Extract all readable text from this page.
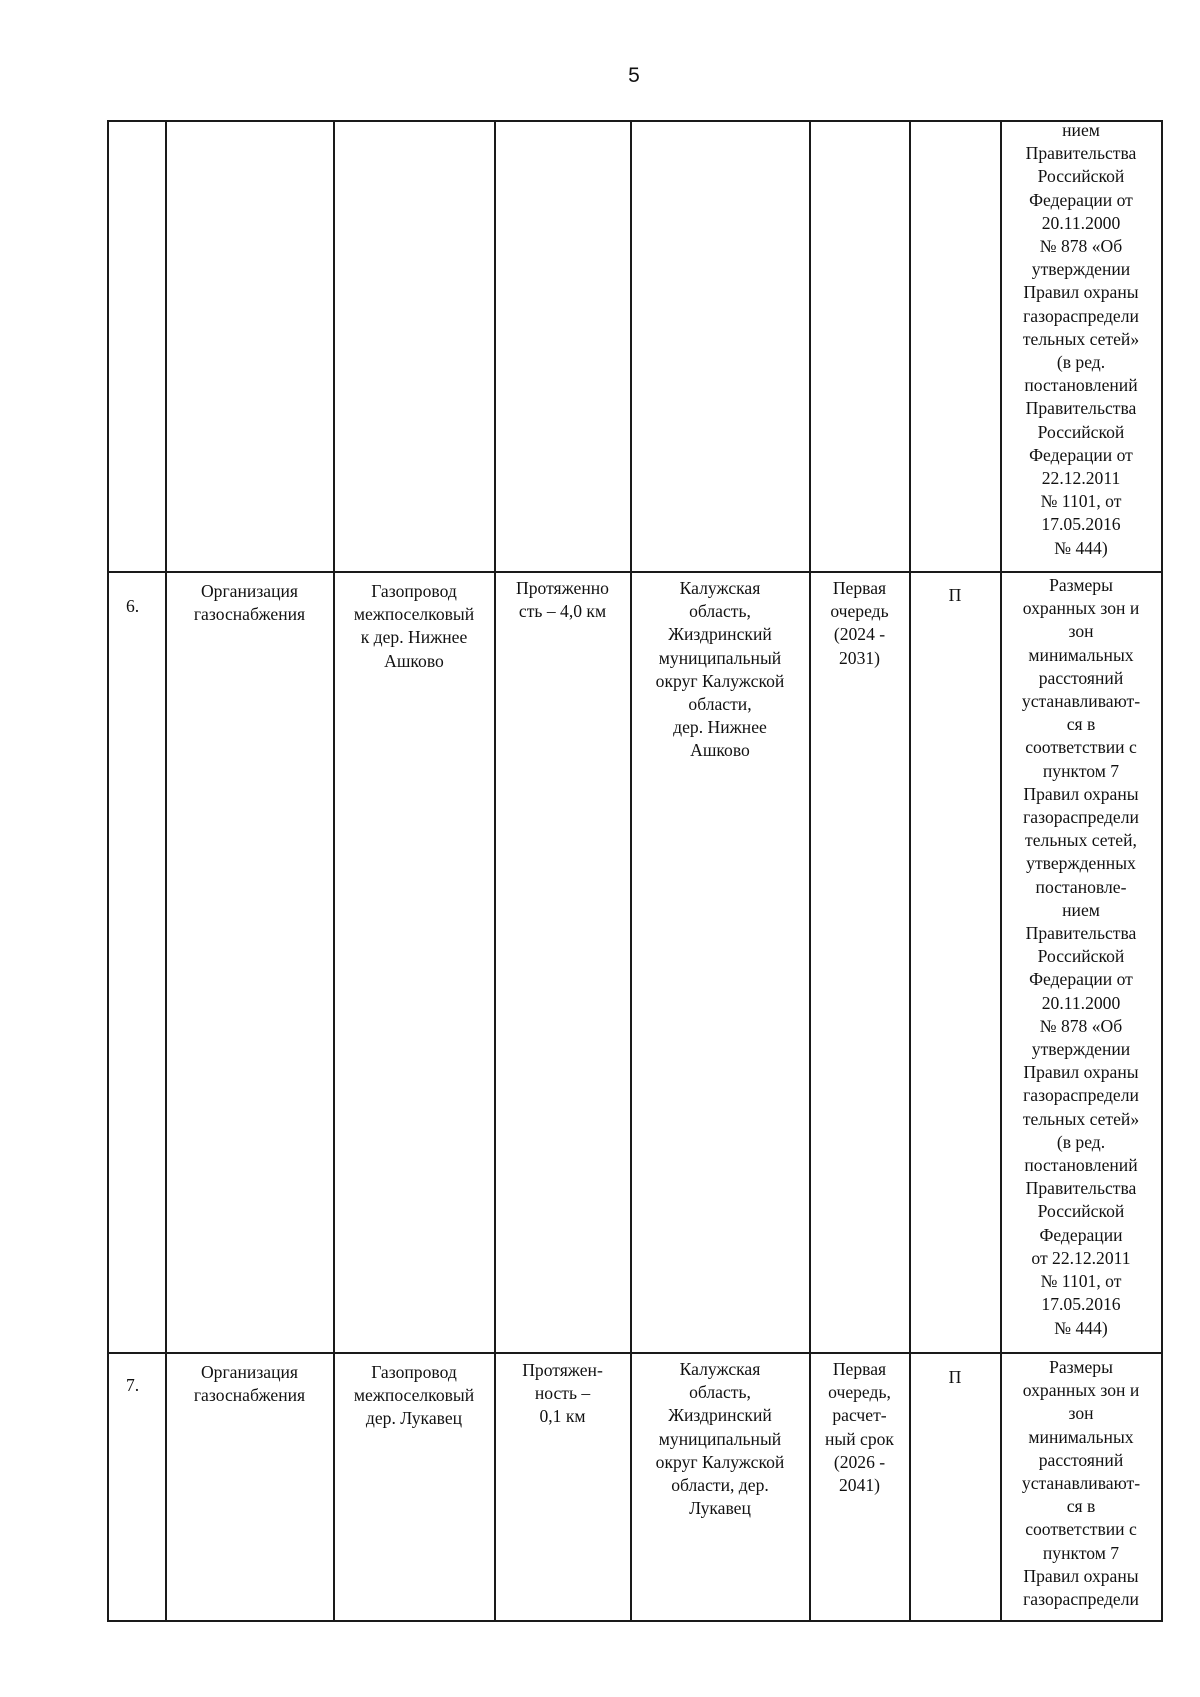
5
нием
Правительства
Российской
Федерации от
20.11.2000
№ 878 «Об
утверждении
Правил охраны
газораспредели
тельных сетей»
(в ред.
постановлений
Правительства
Российской
Федерации от
22.12.2011
№ 1101, от
17.05.2016
№ 444)
6.
Организация
газоснабжения
Газопровод
межпоселковый
к дер. Нижнее
Ашково
Протяженно
сть – 4,0 км
Калужская
область,
Жиздринский
муниципальный
округ Калужской
области,
дер. Нижнее
Ашково
Первая
очередь
(2024 -
2031)
П	Размеры
охранных зон и
зон
минимальных
расстояний
устанавливают-
ся в
соответствии с
пунктом 7
Правил охраны
газораспредели
тельных сетей,
утвержденных
постановле-
нием
Правительства
Российской
Федерации от
20.11.2000
№ 878 «Об
утверждении
Правил охраны
газораспредели
тельных сетей»
(в ред.
постановлений
Правительства
Российской
Федерации
от 22.12.2011
№ 1101, от
17.05.2016
№ 444)
7.
Организация
газоснабжения
Газопровод
межпоселковый
дер. Лукавец
Протяжен-
ность –
0,1 км
Калужская
область,
Жиздринский
муниципальный
округ Калужской
области, дер.
Лукавец
Первая
очередь,
расчет-
ный срок
(2026 -
2041)
П	Размеры
охранных зон и
зон
минимальных
расстояний
устанавливают-
ся в
соответствии с
пунктом 7
Правил охраны
газораспредели
